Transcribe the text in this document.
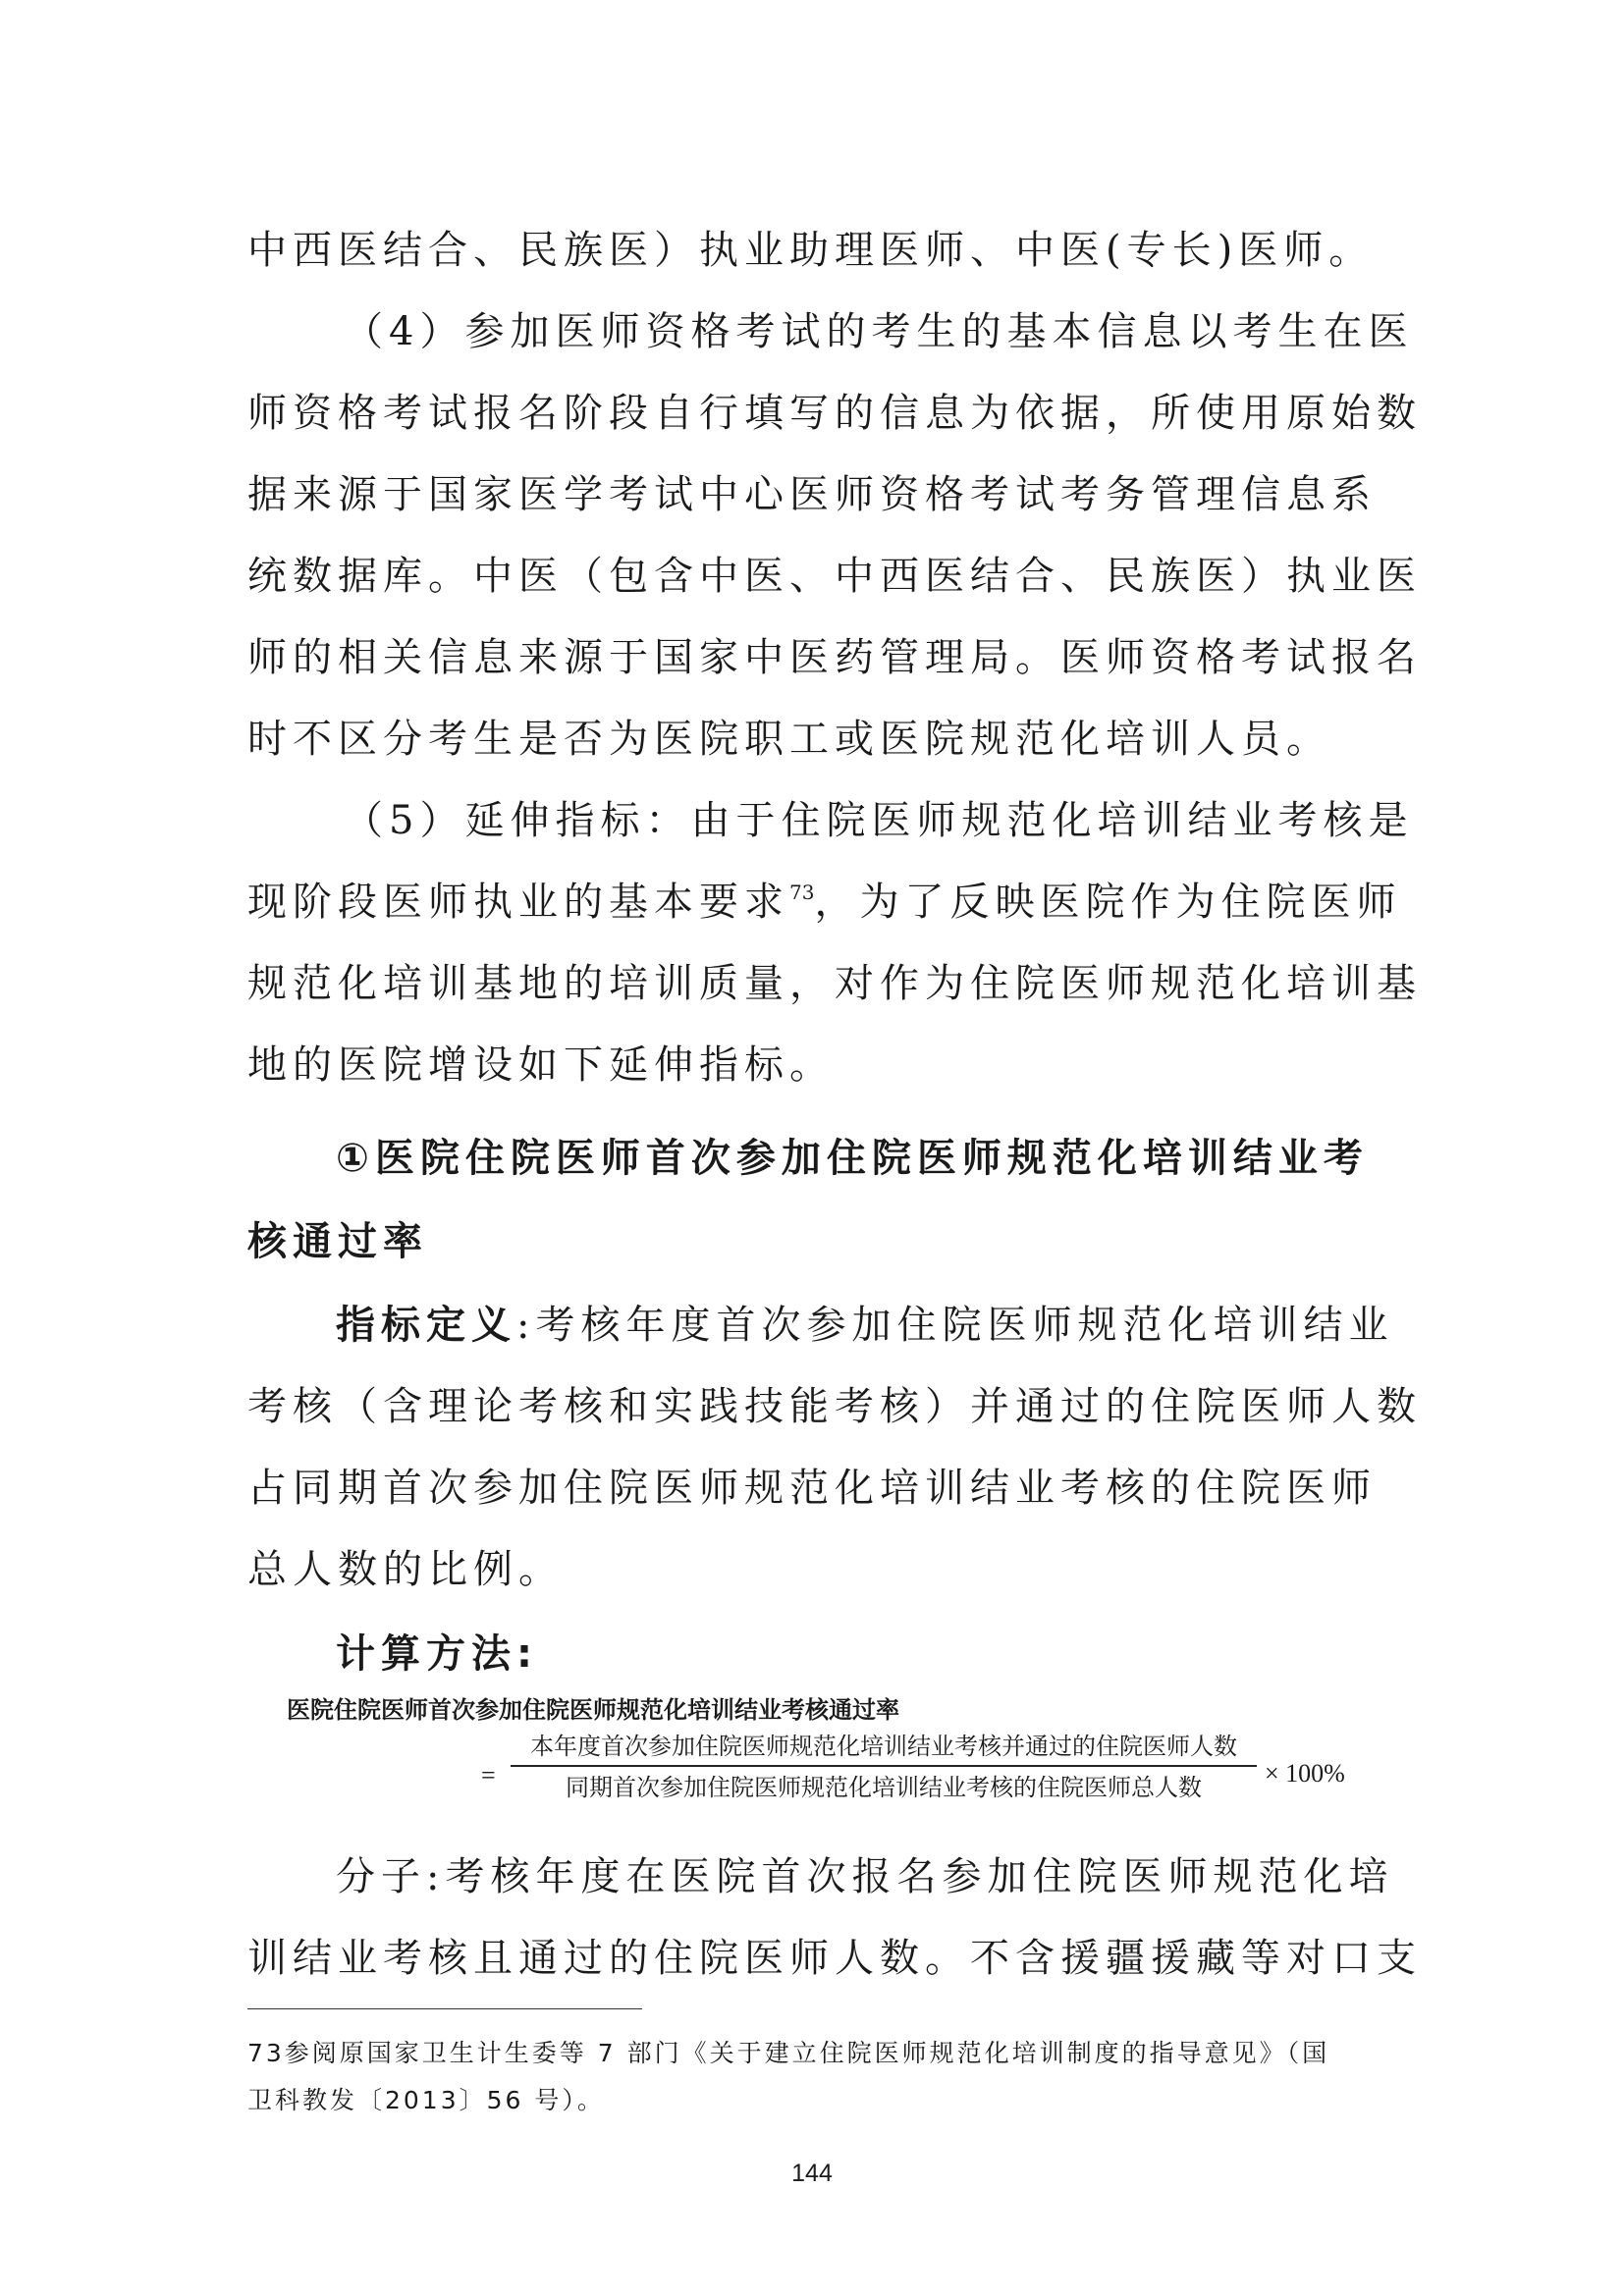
中西医结合、民族医）执业助理医师、中医(专长)医师。
（4）参加医师资格考试的考生的基本信息以考生在医
师资格考试报名阶段自行填写的信息为依据，所使用原始数
据来源于国家医学考试中心医师资格考试考务管理信息系
统数据库。中医（包含中医、中西医结合、民族医）执业医
师的相关信息来源于国家中医药管理局。医师资格考试报名
时不区分考生是否为医院职工或医院规范化培训人员。
（5）延伸指标：由于住院医师规范化培训结业考核是
现阶段医师执业的基本要求$^{73}$，为了反映医院作为住院医师
规范化培训基地的培训质量，对作为住院医师规范化培训基
地的医院增设如下延伸指标。
①医院住院医师首次参加住院医师规范化培训结业考
核通过率
指标定义:考核年度首次参加住院医师规范化培训结业
考核（含理论考核和实践技能考核）并通过的住院医师人数
占同期首次参加住院医师规范化培训结业考核的住院医师
总人数的比例。
计算方法:
医院住院医师首次参加住院医师规范化培训结业考核通过率
=
本年度首次参加住院医师规范化培训结业考核并通过的住院医师人数
同期首次参加住院医师规范化培训结业考核的住院医师总人数	× 100%
分子:考核年度在医院首次报名参加住院医师规范化培
训结业考核且通过的住院医师人数。不含援疆援藏等对口支
73参阅原国家卫生计生委等 7 部门《关于建立住院医师规范化培训制度的指导意见》（国
卫科教发〔2013〕56 号）。
144
